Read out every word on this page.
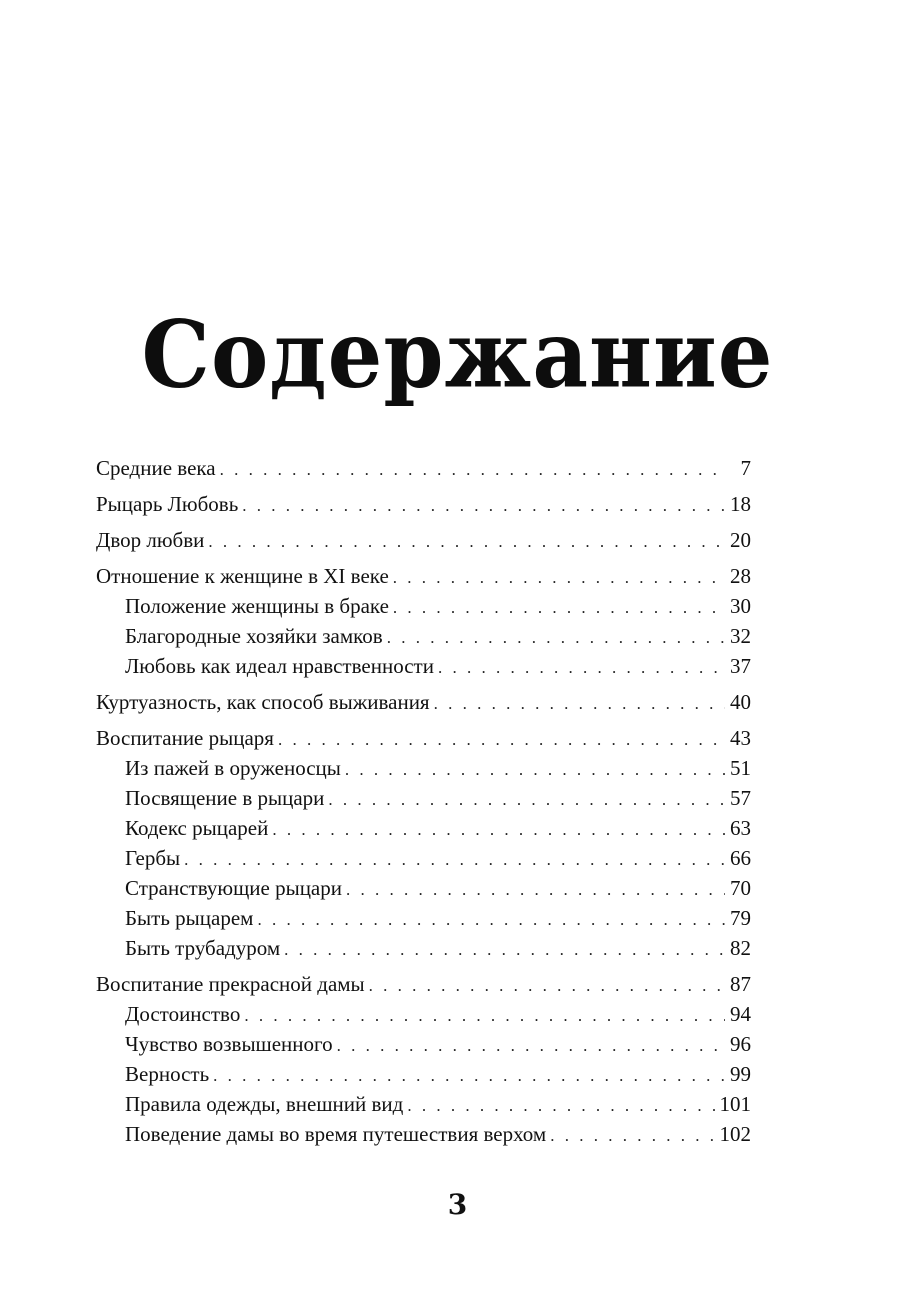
Содержание
Средние века . . .	7
Рыцарь Любовь . . .	18
Двор любви . . .	20
Отношение к женщине в XI веке . . .	28
Положение женщины в браке . . .	30
Благородные хозяйки замков . . .	32
Любовь как идеал нравственности . . .	37
Куртуазность, как способ выживания . . .	40
Воспитание рыцаря . . .	43
Из пажей в оруженосцы . . .	51
Посвящение в рыцари . . .	57
Кодекс рыцарей . . .	63
Гербы . . .	66
Странствующие рыцари . . .	70
Быть рыцарем . . .	79
Быть трубадуром . . .	82
Воспитание прекрасной дамы . . .	87
Достоинство . . .	94
Чувство возвышенного . . .	96
Верность . . .	99
Правила одежды, внешний вид . . .	101
Поведение дамы во время путешествия верхом . . .	102
3
